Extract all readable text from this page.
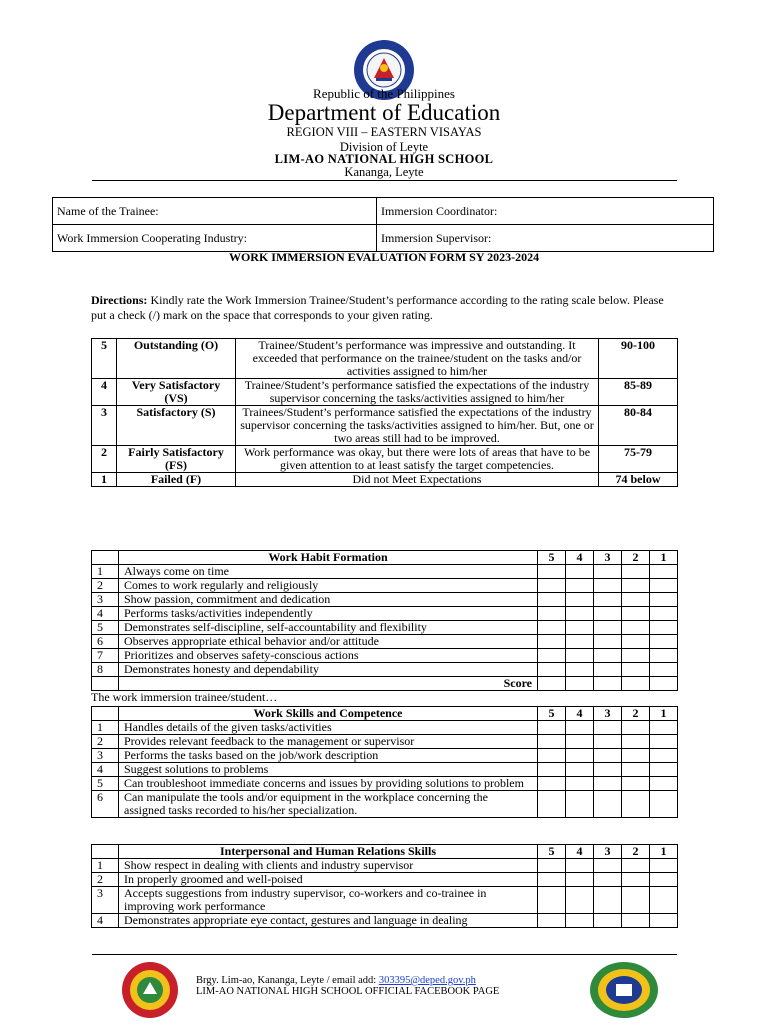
Republic of the Philippines
Department of Education
REGION VIII – EASTERN VISAYAS
Division of Leyte
LIM-AO NATIONAL HIGH SCHOOL
Kananga, Leyte
Name of the Trainee:	Immersion Coordinator:
Work Immersion Cooperating Industry:	Immersion Supervisor:
WORK IMMERSION EVALUATION FORM SY 2023-2024
Directions: Kindly rate the Work Immersion Trainee/Student’s performance according to the rating scale below. Please put a check (/) mark on the space that corresponds to your given rating.
5	Outstanding (O)	Trainee/Student’s performance was impressive and outstanding. It exceeded that performance on the trainee/student on the tasks and/or activities assigned to him/her	90-100
4	Very Satisfactory (VS)	Trainee/Student’s performance satisfied the expectations of the industry supervisor concerning the tasks/activities assigned to him/her	85-89
3	Satisfactory (S)	Trainees/Student’s performance satisfied the expectations of the industry supervisor concerning the tasks/activities assigned to him/her. But, one or two areas still had to be improved.	80-84
2	Fairly Satisfactory (FS)	Work performance was okay, but there were lots of areas that have to be given attention to at least satisfy the target competencies.	75-79
1	Failed (F)	Did not Meet Expectations	74 below
	Work Habit Formation	5	4	3	2	1
1	Always come on time					
2	Comes to work regularly and religiously					
3	Show passion, commitment and dedication					
4	Performs tasks/activities independently					
5	Demonstrates self-discipline, self-accountability and flexibility					
6	Observes appropriate ethical behavior and/or attitude					
7	Prioritizes and observes safety-conscious actions					
8	Demonstrates honesty and dependability					
	Score					
The work immersion trainee/student…
	Work Skills and Competence	5	4	3	2	1
1	Handles details of the given tasks/activities					
2	Provides relevant feedback to the management or supervisor					
3	Performs the tasks based on the job/work description					
4	Suggest solutions to problems					
5	Can troubleshoot immediate concerns and issues by providing solutions to problem					
6	Can manipulate the tools and/or equipment in the workplace concerning the assigned tasks recorded to his/her specialization.					
	Interpersonal and Human Relations Skills	5	4	3	2	1
1	Show respect in dealing with clients and industry supervisor					
2	In properly groomed and well-poised					
3	Accepts suggestions from industry supervisor, co-workers and co-trainee in improving work performance					
4	Demonstrates appropriate eye contact, gestures and language in dealing					
Brgy. Lim-ao, Kananga, Leyte / email add: 303395@deped.gov.ph
LIM-AO NATIONAL HIGH SCHOOL OFFICIAL FACEBOOK PAGE
